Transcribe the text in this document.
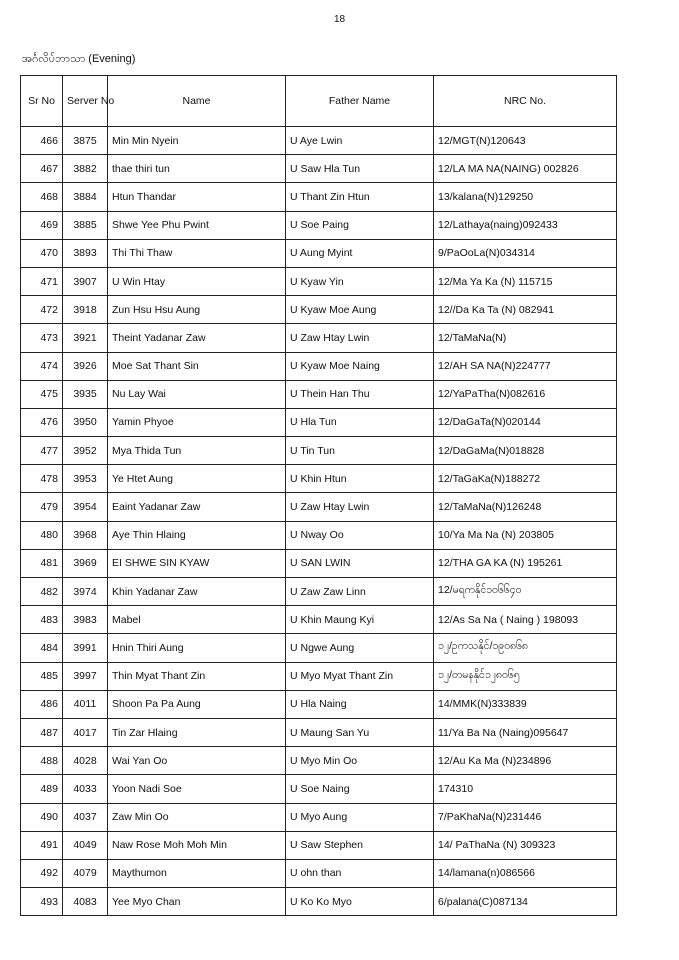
18
အင်္ဂလိပ်ဘာသာ (Evening)
Sr No	Server No	Name	Father Name	NRC No.
466	3875	Min Min Nyein	U Aye Lwin	12/MGT(N)120643
467	3882	thae thiri tun	U Saw Hla Tun	12/LA MA NA(NAING) 002826
468	3884	Htun Thandar	U Thant Zin Htun	13/kalana(N)129250
469	3885	Shwe Yee Phu Pwint	U Soe Paing	12/Lathaya(naing)092433
470	3893	Thi Thi Thaw	U Aung Myint	9/PaOoLa(N)034314
471	3907	U Win Htay	U Kyaw Yin	12/Ma Ya Ka (N) 115715
472	3918	Zun Hsu Hsu Aung	U Kyaw Moe Aung	12//Da Ka Ta (N) 082941
473	3921	Theint Yadanar Zaw	U Zaw Htay Lwin	12/TaMaNa(N)
474	3926	Moe Sat Thant Sin	U Kyaw Moe Naing	12/AH SA NA(N)224777
475	3935	Nu Lay Wai	U Thein Han Thu	12/YaPaTha(N)082616
476	3950	Yamin Phyoe	U Hla Tun	12/DaGaTa(N)020144
477	3952	Mya Thida Tun	U Tin Tun	12/DaGaMa(N)018828
478	3953	Ye Htet Aung	U Khin Htun	12/TaGaKa(N)188272
479	3954	Eaint Yadanar Zaw	U Zaw Htay Lwin	12/TaMaNa(N)126248
480	3968	Aye Thin Hlaing	U Nway Oo	10/Ya Ma Na (N) 203805
481	3969	EI SHWE SIN KYAW	U SAN LWIN	12/THA GA KA (N) 195261
482	3974	Khin Yadanar Zaw	U Zaw Zaw Linn	12/မရကနိုင်၁၀၆၆၄၀
483	3983	Mabel	U Khin Maung Kyi	12/As Sa Na ( Naing ) 198093
484	3991	Hnin Thiri Aung	U Ngwe Aung	၁၂/ဥကသနိုင်/၁၉၀၈၆၈
485	3997	Thin Myat Thant Zin	U Myo Myat Thant Zin	၁၂/တမနနိုင်၁၂၈၀၆၅
486	4011	Shoon Pa Pa Aung	U Hla Naing	14/MMK(N)333839
487	4017	Tin Zar Hlaing	U Maung San Yu	11/Ya Ba Na (Naing)095647
488	4028	Wai Yan Oo	U Myo Min Oo	12/Au Ka Ma (N)234896
489	4033	Yoon Nadi Soe	U Soe Naing	174310
490	4037	Zaw Min Oo	U Myo Aung	7/PaKhaNa(N)231446
491	4049	Naw Rose Moh Moh Min	U Saw Stephen	14/ PaThaNa (N) 309323
492	4079	Maythumon	U ohn than	14/lamana(n)086566
493	4083	Yee Myo Chan	U Ko Ko Myo	6/palana(C)087134
